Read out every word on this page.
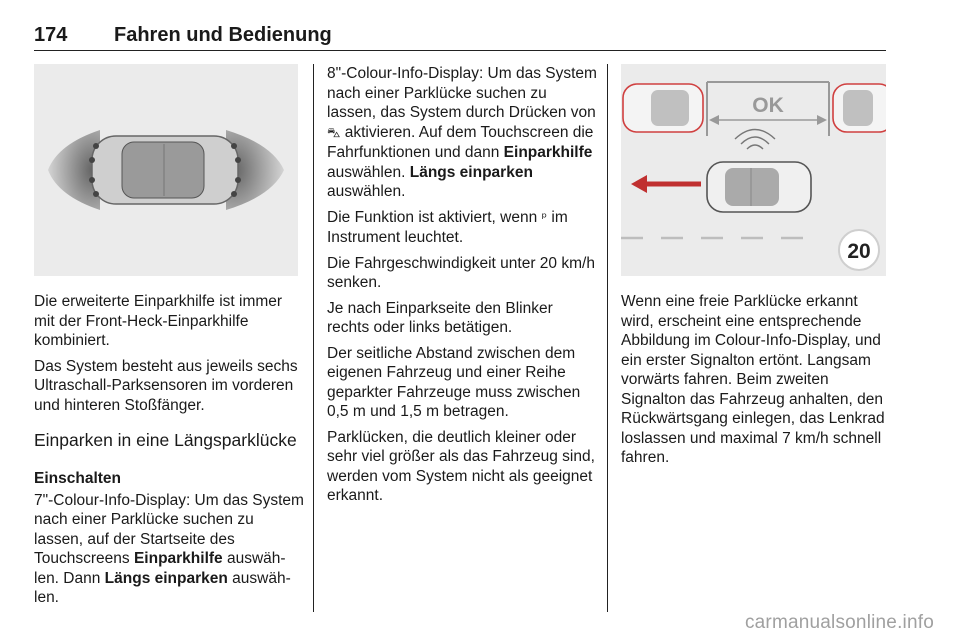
174 Fahren und Bedienung

Die erweiterte Einparkhilfe ist immer mit der Front-Heck-Einparkhilfe kombiniert.

Das System besteht aus jeweils sechs Ultraschall-Parksensoren im vorderen und hinteren Stoßfänger.

Einparken in eine Längsparklücke
Einschalten

7"-Colour-Info-Display: Um das System nach einer Parklücke suchen zu lassen, auf der Startseite des Touchscreens Einparkhilfe auswählen. Dann Längs einparken auswählen.

8"-Colour-Info-Display: Um das System nach einer Parklücke suchen zu lassen, das System durch Drücken von ⛍ aktivieren. Auf dem Touchscreen die Fahrfunktionen und dann Einparkhilfe auswählen. Längs einparken auswählen.

Die Funktion ist aktiviert, wenn ᵖ im Instrument leuchtet.

Die Fahrgeschwindigkeit unter 20 km/h senken.

Je nach Einparkseite den Blinker rechts oder links betätigen.

Der seitliche Abstand zwischen dem eigenen Fahrzeug und einer Reihe geparkter Fahrzeuge muss zwischen 0,5 m und 1,5 m betragen.

Parklücken, die deutlich kleiner oder sehr viel größer als das Fahrzeug sind, werden vom System nicht als geeignet erkannt.

OK
20

Wenn eine freie Parklücke erkannt wird, erscheint eine entsprechende Abbildung im Colour-Info-Display, und ein erster Signalton ertönt. Langsam vorwärts fahren. Beim zweiten Signalton das Fahrzeug anhalten, den Rückwärtsgang einlegen, das Lenkrad loslassen und maximal 7 km/h schnell fahren.

carmanualsonline.info
